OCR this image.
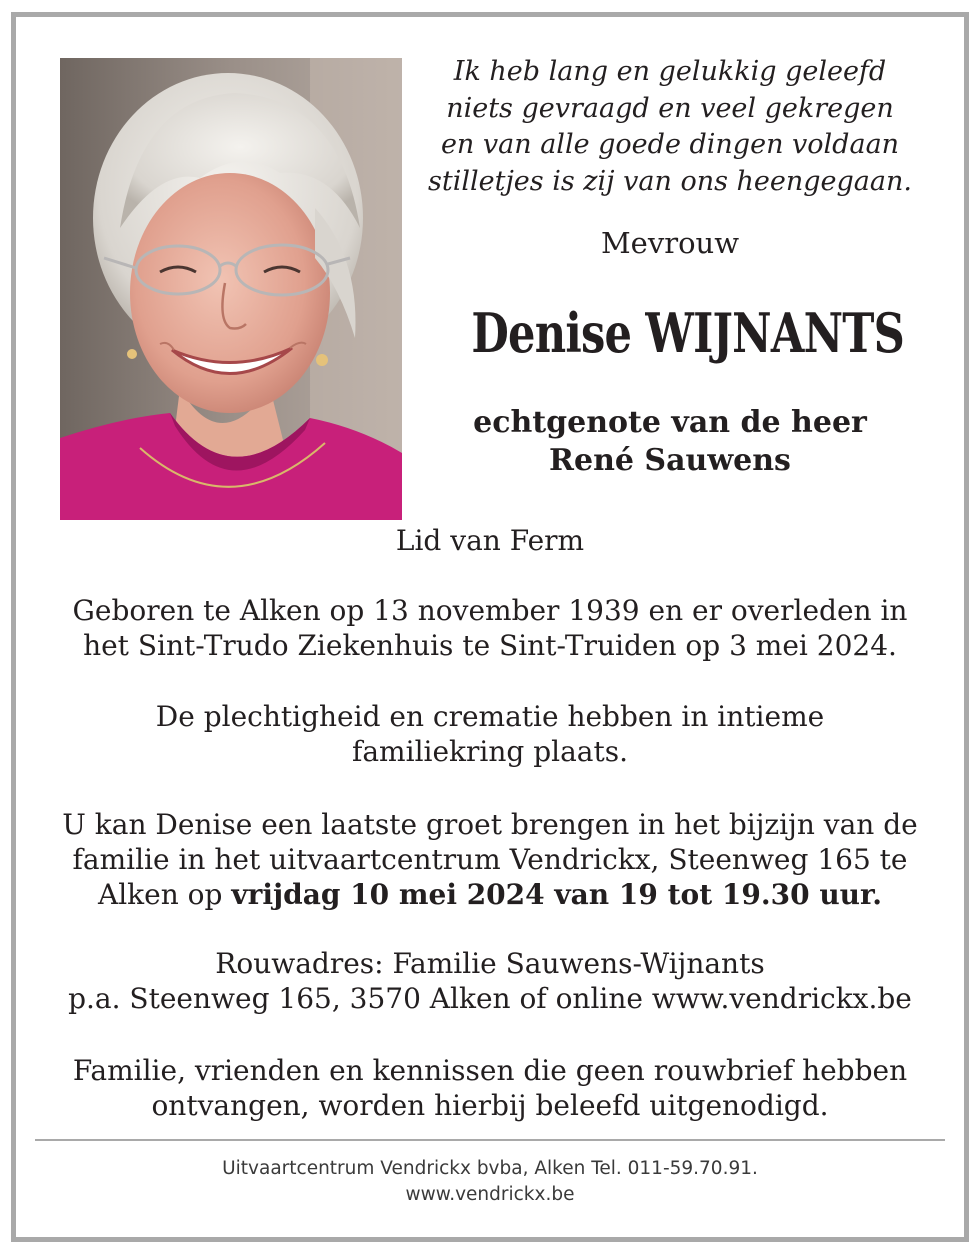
Ik heb lang en gelukkig geleefd
niets gevraagd en veel gekregen
en van alle goede dingen voldaan
stilletjes is zij van ons heengegaan.
Mevrouw
Denise WIJNANTS
echtgenote van de heer
René Sauwens
Lid van Ferm
Geboren te Alken op 13 november 1939 en er overleden in
het Sint-Trudo Ziekenhuis te Sint-Truiden op 3 mei 2024.
De plechtigheid en crematie hebben in intieme
familiekring plaats.
U kan Denise een laatste groet brengen in het bijzijn van de
familie in het uitvaartcentrum Vendrickx, Steenweg 165 te
Alken op vrijdag 10 mei 2024 van 19 tot 19.30 uur.
Rouwadres: Familie Sauwens-Wijnants
p.a. Steenweg 165, 3570 Alken of online www.vendrickx.be
Familie, vrienden en kennissen die geen rouwbrief hebben
ontvangen, worden hierbij beleefd uitgenodigd.
Uitvaartcentrum Vendrickx bvba, Alken Tel. 011-59.70.91.
www.vendrickx.be
